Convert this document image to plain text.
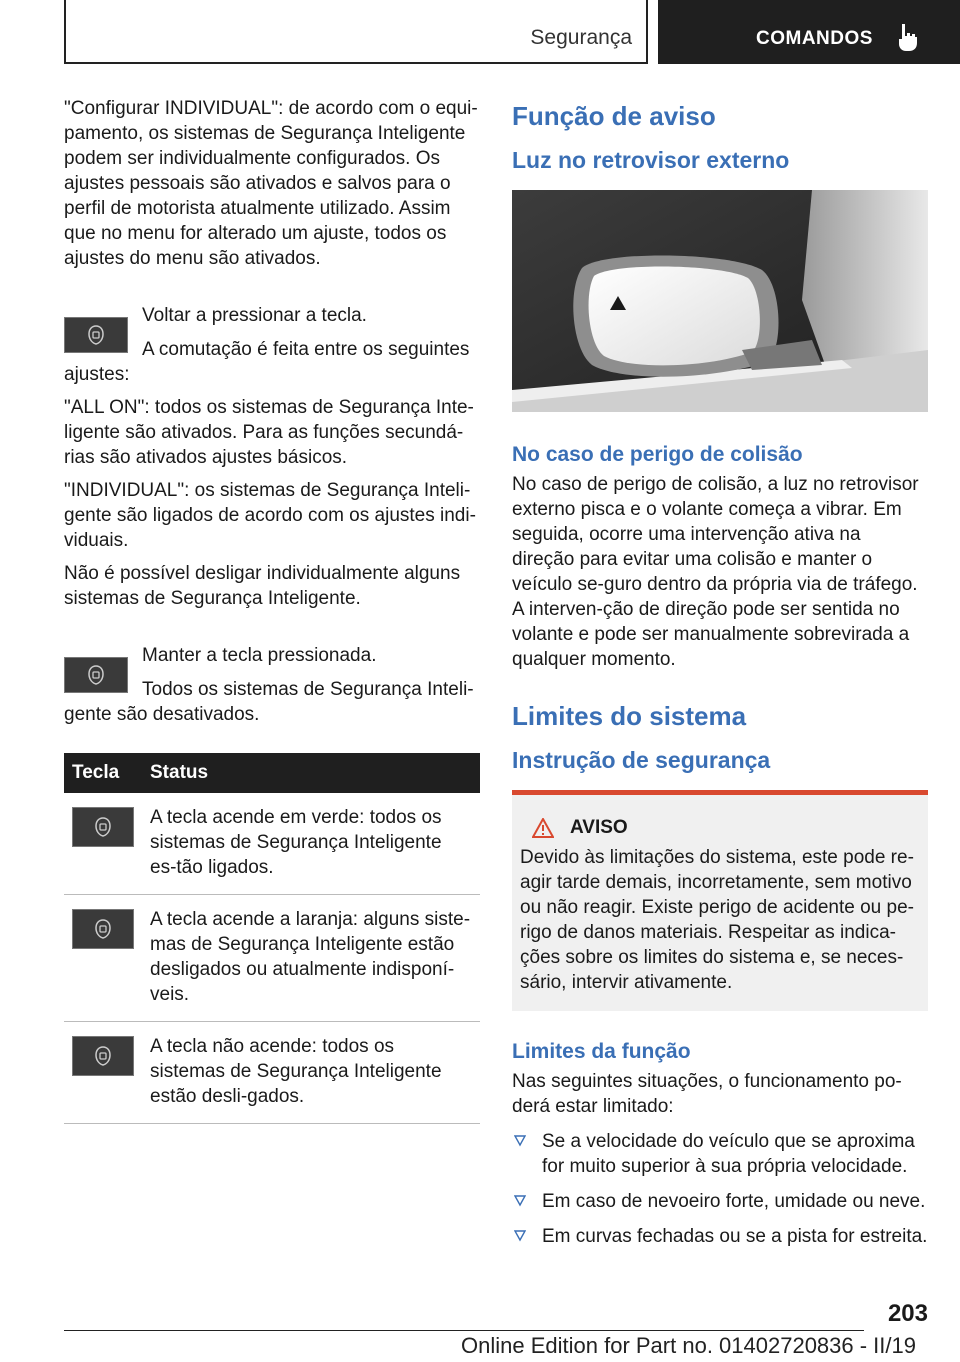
Segurança	COMANDOS

"Configurar INDIVIDUAL": de acordo com o equi-pamento, os sistemas de Segurança Inteligente podem ser individualmente configurados. Os ajustes pessoais são ativados e salvos para o perfil de motorista atualmente utilizado. Assim que no menu for alterado um ajuste, todos os ajustes do menu são ativados.

Voltar a pressionar a tecla.

A comutação é feita entre os seguintes ajustes:

"ALL ON": todos os sistemas de Segurança Inte-ligente são ativados. Para as funções secundá-rias são ativados ajustes básicos.

"INDIVIDUAL": os sistemas de Segurança Inteli-gente são ligados de acordo com os ajustes indi-viduais.

Não é possível desligar individualmente alguns sistemas de Segurança Inteligente.

Manter a tecla pressionada.

Todos os sistemas de Segurança Inteli-gente são desativados.

Tecla	Status

	A tecla acende em verde: todos os sistemas de Segurança Inteligente es-tão ligados.

	A tecla acende a laranja: alguns siste-mas de Segurança Inteligente estão desligados ou atualmente indisponí-veis.

	A tecla não acende: todos os sistemas de Segurança Inteligente estão desli-gados.
Função de aviso
Luz no retrovisor externo
No caso de perigo de colisão

No caso de perigo de colisão, a luz no retrovisor externo pisca e o volante começa a vibrar. Em seguida, ocorre uma intervenção ativa na direção para evitar uma colisão e manter o veículo se-guro dentro da própria via de tráfego. A interven-ção de direção pode ser sentida no volante e pode ser manualmente sobrevirada a qualquer momento.

Limites do sistema
Instrução de segurança
AVISO

Devido às limitações do sistema, este pode re-agir tarde demais, incorretamente, sem motivo ou não reagir. Existe perigo de acidente ou pe-rigo de danos materiais. Respeitar as indica-ções sobre os limites do sistema e, se neces-sário, intervir ativamente.

Limites da função

Nas seguintes situações, o funcionamento po-derá estar limitado:

Se a velocidade do veículo que se aproxima for muito superior à sua própria velocidade.
Em caso de nevoeiro forte, umidade ou neve.
Em curvas fechadas ou se a pista for estreita.
203
Online Edition for Part no. 01402720836 - II/19
